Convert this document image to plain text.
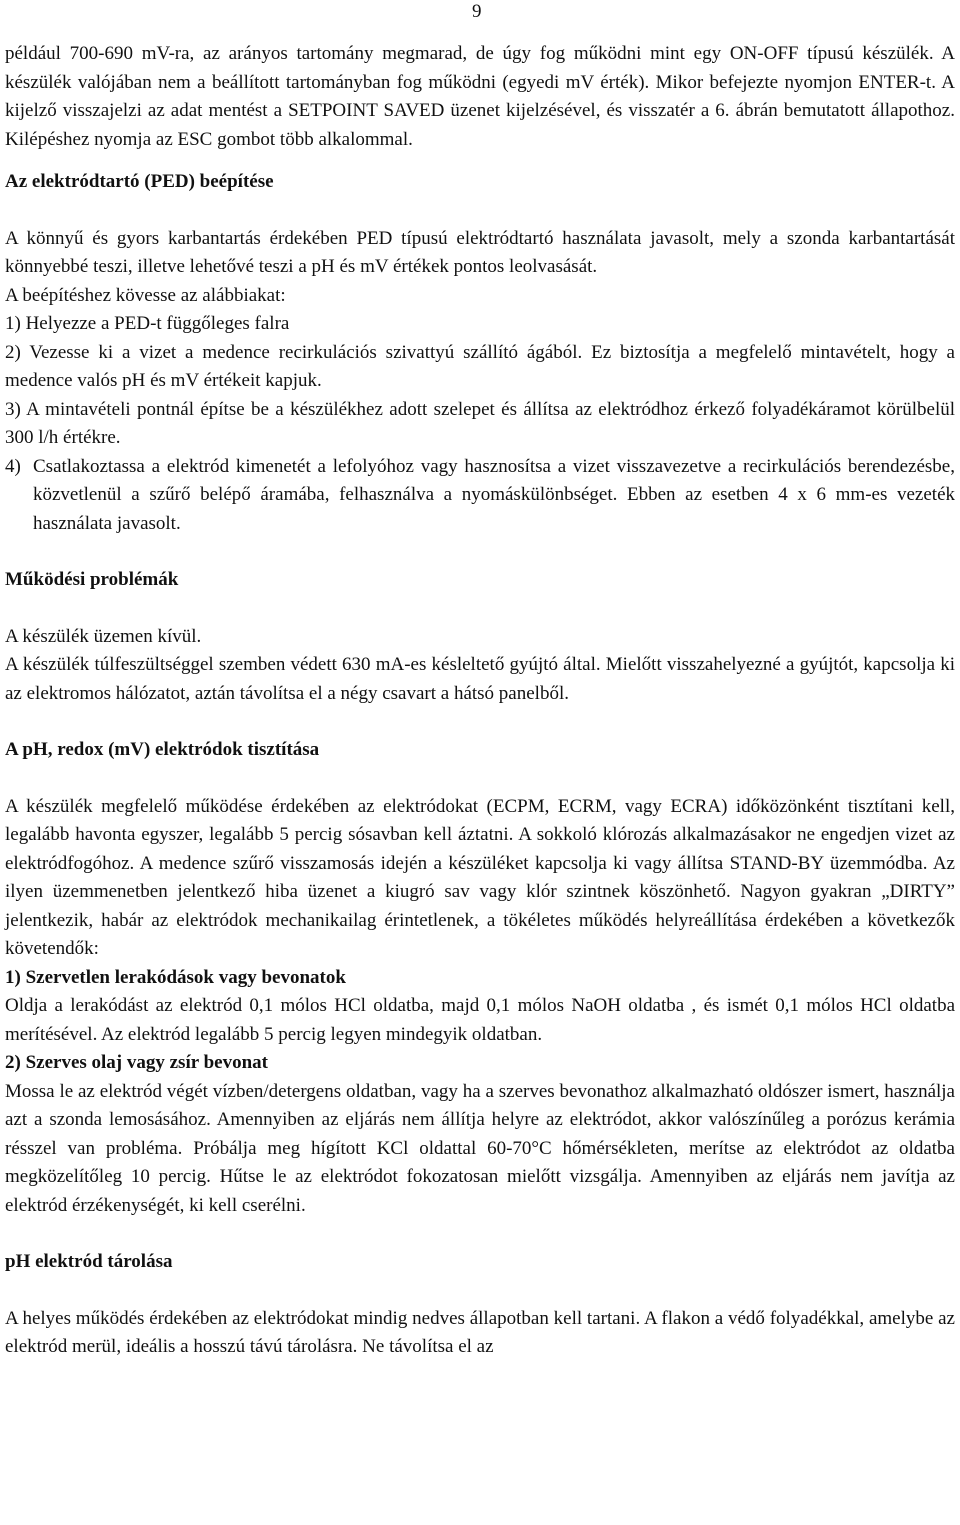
9

például 700-690 mV-ra, az arányos tartomány megmarad, de úgy fog működni mint egy ON-OFF típusú készülék. A készülék valójában nem a beállított tartományban fog működni (egyedi mV érték). Mikor befejezte nyomjon ENTER-t. A kijelző visszajelzi az adat mentést a SETPOINT SAVED üzenet kijelzésével, és visszatér a 6. ábrán bemutatott állapothoz. Kilépéshez nyomja az ESC gombot több alkalommal.

Az elektródtartó (PED) beépítése

A könnyű és gyors karbantartás érdekében PED típusú elektródtartó használata javasolt, mely a szonda karbantartását könnyebbé teszi, illetve lehetővé teszi a pH és mV értékek pontos leolvasását.

A beépítéshez kövesse az alábbiakat:

1) Helyezze a PED-t függőleges falra

2) Vezesse ki a vizet a medence recirkulációs szivattyú szállító ágából. Ez biztosítja a megfelelő mintavételt, hogy a medence valós pH és mV értékeit kapjuk.

3) A mintavételi pontnál építse be a készülékhez adott szelepet és állítsa az elektródhoz érkező folyadékáramot körülbelül 300 l/h értékre.

4) Csatlakoztassa a elektród kimenetét a lefolyóhoz vagy hasznosítsa a vizet visszavezetve a recirkulációs berendezésbe, közvetlenül a szűrő belépő áramába, felhasználva a nyomáskülönbséget. Ebben az esetben 4 x 6 mm-es vezeték használata javasolt.
Működési problémák

A készülék üzemen kívül.

A készülék túlfeszültséggel szemben védett 630 mA-es késleltető gyújtó által. Mielőtt visszahelyezné a gyújtót, kapcsolja ki az elektromos hálózatot, aztán távolítsa el a négy csavart a hátsó panelből.

A pH, redox (mV) elektródok tisztítása

A készülék megfelelő működése érdekében az elektródokat (ECPM, ECRM, vagy ECRA) időközönként tisztítani kell, legalább havonta egyszer, legalább 5 percig sósavban kell áztatni. A sokkoló klórozás alkalmazásakor ne engedjen vizet az elektródfogóhoz. A medence szűrő visszamosás idején a készüléket kapcsolja ki vagy állítsa STAND-BY üzemmódba. Az ilyen üzemmenetben jelentkező hiba üzenet a kiugró sav vagy klór szintnek köszönhető. Nagyon gyakran „DIRTY” jelentkezik, habár az elektródok mechanikailag érintetlenek, a tökéletes működés helyreállítása érdekében a következők követendők:

1) Szervetlen lerakódások vagy bevonatok

Oldja a lerakódást az elektród 0,1 mólos HCl oldatba, majd 0,1 mólos NaOH oldatba , és ismét 0,1 mólos HCl oldatba merítésével. Az elektród legalább 5 percig legyen mindegyik oldatban.

2) Szerves olaj vagy zsír bevonat

Mossa le az elektród végét vízben/detergens oldatban, vagy ha a szerves bevonathoz alkalmazható oldószer ismert, használja azt a szonda lemosásához. Amennyiben az eljárás nem állítja helyre az elektródot, akkor valószínűleg a porózus kerámia résszel van probléma. Próbálja meg hígított KCl oldattal 60-70°C hőmérsékleten, merítse az elektródot az oldatba megközelítőleg 10 percig. Hűtse le az elektródot fokozatosan mielőtt vizsgálja. Amennyiben az eljárás nem javítja az elektród érzékenységét, ki kell cserélni.

pH elektród tárolása

A helyes működés érdekében az elektródokat mindig nedves állapotban kell tartani. A flakon a védő folyadékkal, amelybe az elektród merül, ideális a hosszú távú tárolásra. Ne távolítsa el az
